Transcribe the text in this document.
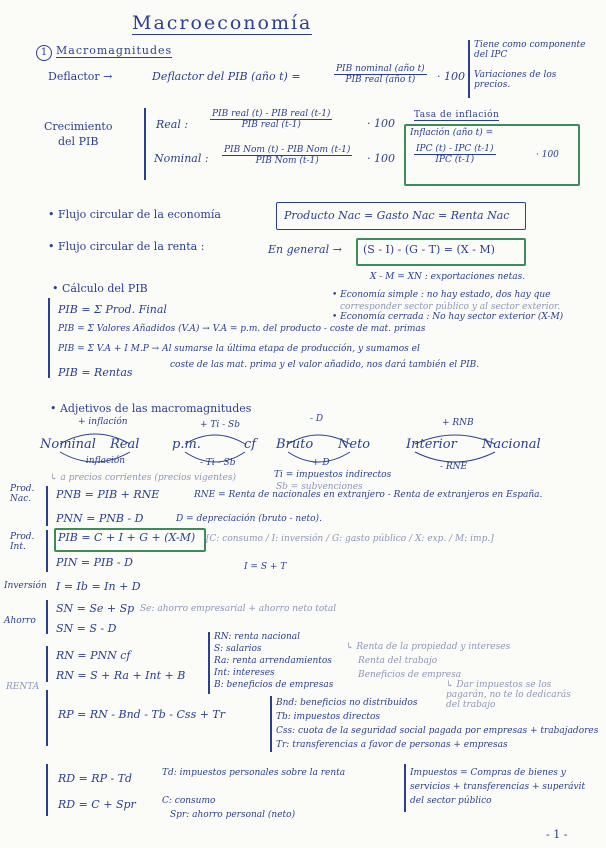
Macroeconomía
1 Macromagnitudes	Tiene como componente del IPC
Variaciones de los precios.
Deflactor →	Deflactor del PIB (año t) =
PIB nominal (año t)
PIB real (año t)	· 100
Crecimiento
del PIB
Real :
PIB real (t) - PIB real (t-1)
PIB real (t-1)	· 100
Nominal :
PIB Nom (t) - PIB Nom (t-1)
PIB Nom (t-1)	· 100
Tasa de inflación
Inflación (año t) =
IPC (t) - IPC (t-1)
IPC (t-1)	· 100
• Flujo circular de la economía	Producto Nac = Gasto Nac = Renta Nac
• Flujo circular de la renta :	En general → (S - I) - (G - T) = (X - M)
X - M = XN : exportaciones netas.
• Cálculo del PIB
PIB = Σ Prod. Final
PIB = Σ Valores Añadidos (V.A) → V.A = p.m. del producto - coste de mat. primas
PIB = Σ V.A + I M.P → Al sumarse la última etapa de producción, y sumamos el
coste de las mat. prima y el valor añadido, nos dará también el PIB.
PIB = Rentas
• Economía simple : no hay estado, dos hay que
corresponder sector público y al sector exterior.
• Economía cerrada : No hay sector exterior (X-M)
• Adjetivos de las macromagnitudes
+ inflación	+ Ti - Sb
- D	+ RNB
Nominal Real	p.m.	cf Bruto Neto	Interior Nacional
- inflación	- Ti - Sb	+ D	- RNE
↳ a precios corrientes (precios vigentes)	Ti = impuestos indirectos
Sb = subvenciones
Prod. Nac.	PNB = PIB + RNE	RNE = Renta de nacionales en extranjero - Renta de extranjeros en España.
PNN = PNB - D	D = depreciación (bruto - neto).
Prod. Int.
PIB = C + I + G + (X-M) [C: consumo / I: inversión / G: gasto público / X: exp. / M: imp.]
I = S + T
PIN = PIB - D
Inversión I = Ib = In + D
Ahorro
SN = Se + Sp Se: ahorro empresarial + ahorro neto total
SN = S - D
RENTA
RN = PNN cf
RN = S + Ra + Int + B
RN: renta nacional
S: salarios
Ra: renta arrendamientos
Int: intereses
B: beneficios de empresas
↳ Renta de la propiedad y intereses
Renta del trabajo
Beneficios de empresa
↳ Dar impuestos se los pagarán, no te lo dedicarás del trabajo
RP = RN - Bnd - Tb - Css + Tr
Bnd: beneficios no distribuidos
Tb: impuestos directos
Css: cuota de la seguridad social pagada por empresas + trabajadores
Tr: transferencias a favor de personas + empresas
RD = RP - Td	Td: impuestos personales sobre la renta
RD = C + Spr	C: consumo
Spr: ahorro personal (neto)
Impuestos = Compras de bienes y servicios + transferencias + superávit del sector público
- 1 -
